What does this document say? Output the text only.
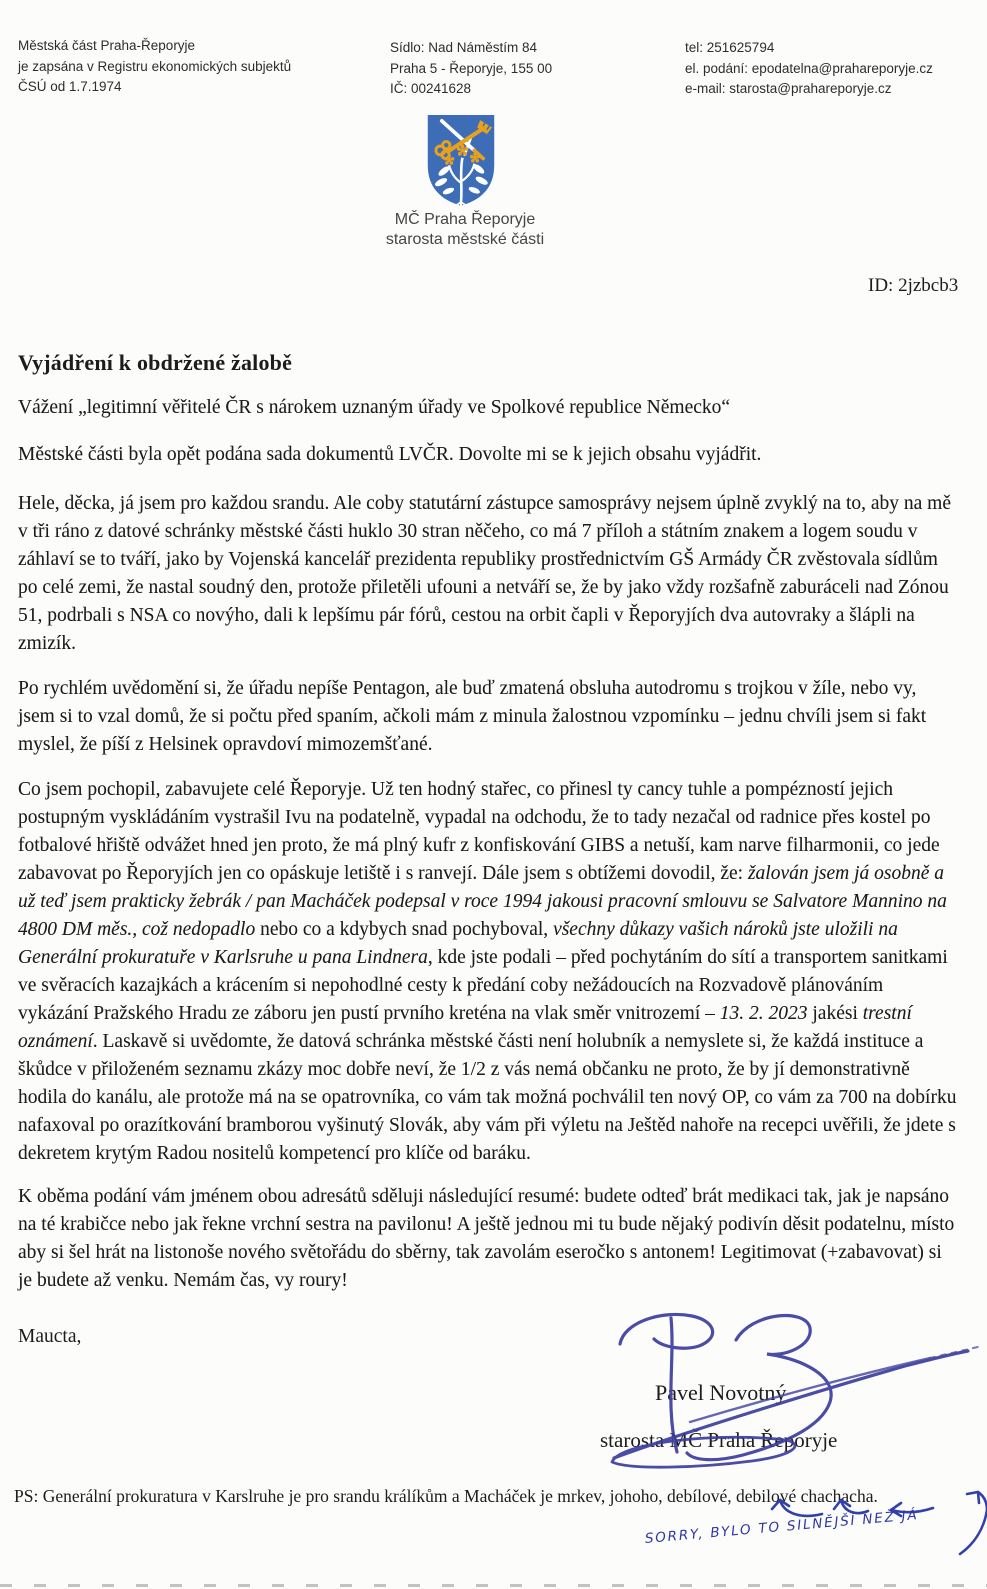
Městská část Praha-Řeporyje
je zapsána v Registru ekonomických subjektů
ČSÚ od 1.7.1974
Sídlo: Nad Náměstím 84
Praha 5 - Řeporyje, 155 00
IČ: 00241628
tel: 251625794
el. podání: epodatelna@prahareporyje.cz
e-mail: starosta@prahareporyje.cz
MČ Praha Řeporyje
starosta městské části
ID: 2jzbcb3
Vyjádření k obdržené žalobě

Vážení „legitimní věřitelé ČR s nárokem uznaným úřady ve Spolkové republice Německo“

Městské části byla opět podána sada dokumentů LVČR. Dovolte mi se k jejich obsahu vyjádřit.

Hele, děcka, já jsem pro každou srandu. Ale coby statutární zástupce samosprávy nejsem úplně zvyklý na to, aby na mě v tři ráno z datové schránky městské části huklo 30 stran něčeho, co má 7 příloh a státním znakem a logem soudu v záhlaví se to tváří, jako by Vojenská kancelář prezidenta republiky prostřednictvím GŠ Armády ČR zvěstovala sídlům po celé zemi, že nastal soudný den, protože přiletěli ufouni a netváří se, že by jako vždy rozšafně zaburáceli nad Zónou 51, podrbali s NSA co novýho, dali k lepšímu pár fórů, cestou na orbit čapli v Řeporyjích dva autovraky a šlápli na zmizík.

Po rychlém uvědomění si, že úřadu nepíše Pentagon, ale buď zmatená obsluha autodromu s trojkou v žíle, nebo vy, jsem si to vzal domů, že si počtu před spaním, ačkoli mám z minula žalostnou vzpomínku – jednu chvíli jsem si fakt myslel, že píší z Helsinek opravdoví mimozemšťané.

Co jsem pochopil, zabavujete celé Řeporyje. Už ten hodný stařec, co přinesl ty cancy tuhle a pompézností jejich postupným vyskládáním vystrašil Ivu na podatelně, vypadal na odchodu, že to tady nezačal od radnice přes kostel po fotbalové hřiště odvážet hned jen proto, že má plný kufr z konfiskování GIBS a netuší, kam narve filharmonii, co jede zabavovat po Řeporyjích jen co opáskuje letiště i s ranvejí. Dále jsem s obtížemi dovodil, že: žalován jsem já osobně a už teď jsem prakticky žebrák / pan Macháček podepsal v roce 1994 jakousi pracovní smlouvu se Salvatore Mannino na 4800 DM měs., což nedopadlo nebo co a kdybych snad pochyboval, všechny důkazy vašich nároků jste uložili na Generální prokuratuře v Karlsruhe u pana Lindnera, kde jste podali – před pochytáním do sítí a transportem sanitkami ve svěracích kazajkách a krácením si nepohodlné cesty k předání coby nežádoucích na Rozvadově plánováním vykázání Pražského Hradu ze záboru jen pustí prvního kreténa na vlak směr vnitrozemí – 13. 2. 2023 jakési trestní oznámení. Laskavě si uvědomte, že datová schránka městské části není holubník a nemyslete si, že každá instituce a škůdce v přiloženém seznamu zkázy moc dobře neví, že 1/2 z vás nemá občanku ne proto, že by jí demonstrativně hodila do kanálu, ale protože má na se opatrovníka, co vám tak možná pochválil ten nový OP, co vám za 700 na dobírku nafaxoval po orazítkování bramborou vyšinutý Slovák, aby vám při výletu na Ještěd nahoře na recepci uvěřili, že jdete s dekretem krytým Radou nositelů kompetencí pro klíče od baráku.

K oběma podání vám jménem obou adresátů sděluji následující resumé: budete odteď brát medikaci tak, jak je napsáno na té krabičce nebo jak řekne vrchní sestra na pavilonu! A ještě jednou mi tu bude nějaký podivín děsit podatelnu, místo aby si šel hrát na listonoše nového světořádu do sběrny, tak zavolám eseročko s antonem! Legitimovat (+zabavovat) si je budete až venku. Nemám čas, vy roury!

Maucta,
Pavel Novotný
starosta MČ Praha Řeporyje
PS: Generální prokuratura v Karslruhe je pro srandu králíkům a Macháček je mrkev, johoho, debílové, debilové chachacha.
SORRY, BYLO TO SILNĚJŠÍ NEŽ JÁ
